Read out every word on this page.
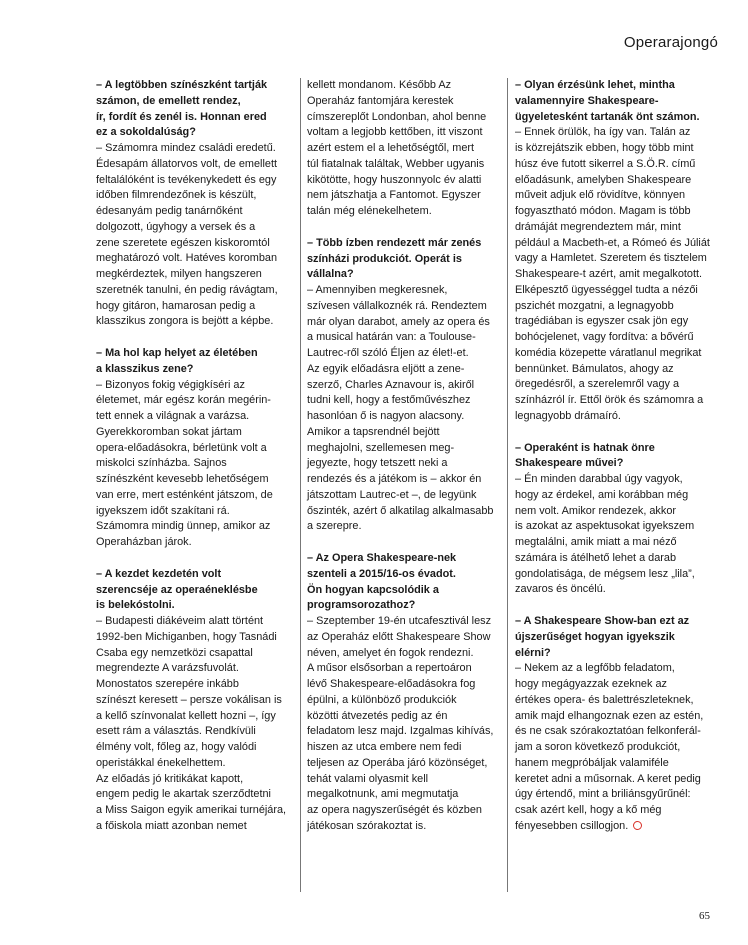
Operarajongó
– A legtöbben színészként tartják
számon, de emellett rendez,
ír, fordít és zenél is. Honnan ered
ez a sokoldalúság?
– Számomra mindez családi eredetű.
Édesapám állatorvos volt, de emellett
feltalálóként is tevékenykedett és egy
időben filmrendezőnek is készült,
édesanyám pedig tanárnőként
dolgozott, úgyhogy a versek és a
zene szeretete egészen kiskoromtól
meghatározó volt. Hatéves koromban
megkérdeztek, milyen hangszeren
szeretnék tanulni, én pedig rávágtam,
hogy gitáron, hamarosan pedig a
klasszikus zongora is bejött a képbe.
– Ma hol kap helyet az életében
a klasszikus zene?
– Bizonyos fokig végigkíséri az
életemet, már egész korán megérin-
tett ennek a világnak a varázsa.
Gyerekkoromban sokat jártam
opera-előadásokra, bérletünk volt a
miskolci színházba. Sajnos
színészként kevesebb lehetőségem
van erre, mert esténként játszom, de
igyekszem időt szakítani rá.
Számomra mindig ünnep, amikor az
Operaházban járok.
– A kezdet kezdetén volt
szerencséje az operaéneklésbe
is belekóstolni.
– Budapesti diákéveim alatt történt
1992-ben Michiganben, hogy Tasnádi
Csaba egy nemzetközi csapattal
megrendezte A varázsfuvolát.
Monostatos szerepére inkább
színészt keresett – persze vokálisan is
a kellő színvonalat kellett hozni –, így
esett rám a választás. Rendkívüli
élmény volt, főleg az, hogy valódi
operistákkal énekelhettem.
Az előadás jó kritikákat kapott,
engem pedig le akartak szerződtetni
a Miss Saigon egyik amerikai turnéjára,
a főiskola miatt azonban nemet
kellett mondanom. Később Az
Operaház fantomjára kerestek
címszereplőt Londonban, ahol benne
voltam a legjobb kettőben, itt viszont
azért estem el a lehetőségtől, mert
túl fiatalnak találtak, Webber ugyanis
kikötötte, hogy huszonnyolc év alatti
nem játszhatja a Fantomot. Egyszer
talán még elénekelhetem.
– Több ízben rendezett már zenés
színházi produkciót. Operát is
vállalna?
– Amennyiben megkeresnek,
szívesen vállalkoznék rá. Rendeztem
már olyan darabot, amely az opera és
a musical határán van: a Toulouse-
Lautrec-ről szóló Éljen az élet!-et.
Az egyik előadásra eljött a zene-
szerző, Charles Aznavour is, akiről
tudni kell, hogy a festőművészhez
hasonlóan ő is nagyon alacsony.
Amikor a tapsrendnél bejött
meghajolni, szellemesen meg-
jegyezte, hogy tetszett neki a
rendezés és a játékom is – akkor én
játszottam Lautrec-et –, de legyünk
őszinték, azért ő alkatilag alkalmasabb
a szerepre.
– Az Opera Shakespeare-nek
szenteli a 2015/16-os évadot.
Ön hogyan kapcsolódik a
programsorozathoz?
– Szeptember 19-én utcafesztivál lesz
az Operaház előtt Shakespeare Show
néven, amelyet én fogok rendezni.
A műsor elsősorban a repertoáron
lévő Shakespeare-előadásokra fog
épülni, a különböző produkciók
közötti átvezetés pedig az én
feladatom lesz majd. Izgalmas kihívás,
hiszen az utca embere nem fedi
teljesen az Operába járó közönséget,
tehát valami olyasmit kell
megalkotnunk, ami megmutatja
az opera nagyszerűségét és közben
játékosan szórakoztat is.
– Olyan érzésünk lehet, mintha
valamennyire Shakespeare-
ügyeletesként tartanák önt számon.
– Ennek örülök, ha így van. Talán az
is közrejátszik ebben, hogy több mint
húsz éve futott sikerrel a S.Ö.R. című
előadásunk, amelyben Shakespeare
műveit adjuk elő rövidítve, könnyen
fogyasztható módon. Magam is több
drámáját megrendeztem már, mint
például a Macbeth-et, a Rómeó és Júliát
vagy a Hamletet. Szeretem és tisztelem
Shakespeare-t azért, amit megalkotott.
Elképesztő ügyességgel tudta a nézői
pszichét mozgatni, a legnagyobb
tragédiában is egyszer csak jön egy
bohócjelenet, vagy fordítva: a bővérű
komédia közepette váratlanul megrikat
bennünket. Bámulatos, ahogy az
öregedésről, a szerelemről vagy a
színházról ír. Ettől örök és számomra a
legnagyobb drámaíró.
– Operaként is hatnak önre
Shakespeare művei?
– Én minden darabbal úgy vagyok,
hogy az érdekel, ami korábban még
nem volt. Amikor rendezek, akkor
is azokat az aspektusokat igyekszem
megtalálni, amik miatt a mai néző
számára is átélhető lehet a darab
gondolatisága, de mégsem lesz „lila”,
zavaros és öncélú.
– A Shakespeare Show-ban ezt az
újszerűséget hogyan igyekszik
elérni?
– Nekem az a legfőbb feladatom,
hogy megágyazzak ezeknek az
értékes opera- és balettrészleteknek,
amik majd elhangoznak ezen az estén,
és ne csak szórakoztatóan felkonferál-
jam a soron következő produkciót,
hanem megpróbáljak valamiféle
keretet adni a műsornak. A keret pedig
úgy értendő, mint a briliánsgyűrűnél:
csak azért kell, hogy a kő még
fényesebben csillogjon.
65
